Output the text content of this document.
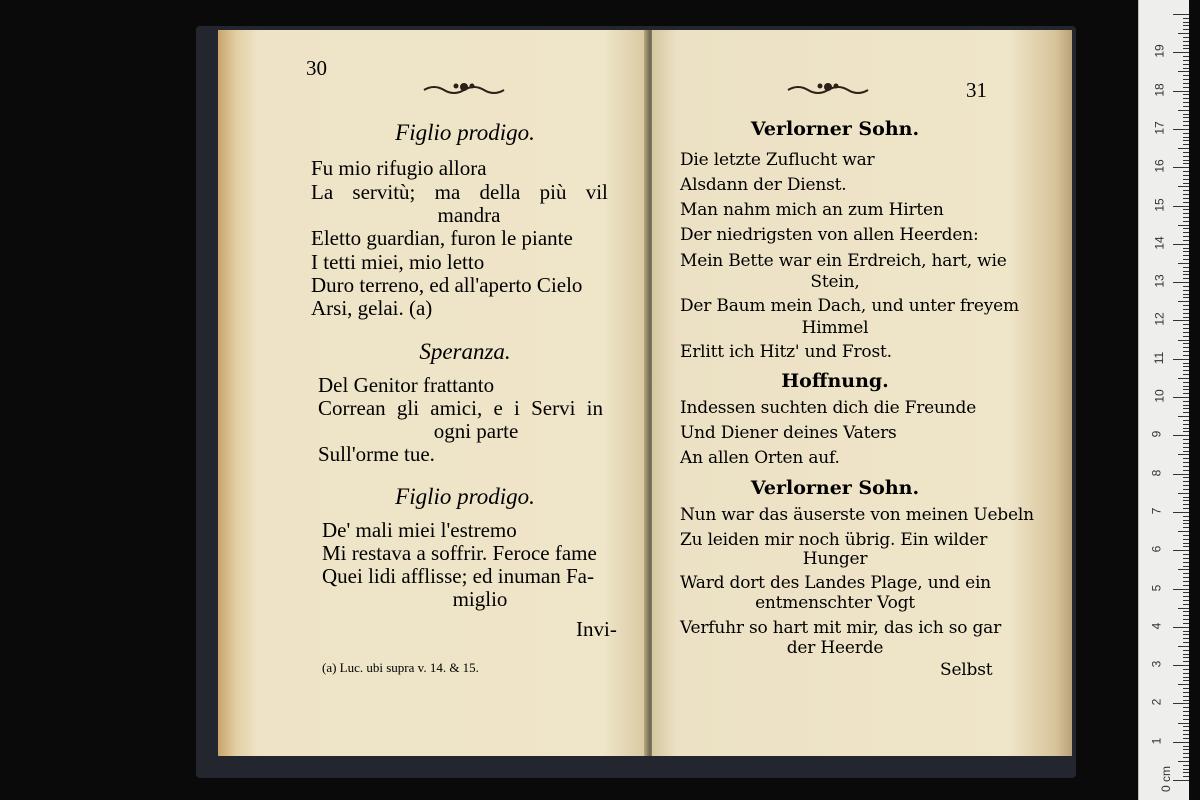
30
Figlio prodigo.
Fu mio rifugio allora
La servitù; ma della più vil
mandra
Eletto guardian, furon le piante
I tetti miei, mio letto
Duro terreno, ed all'aperto Cielo
Arsi, gelai. (a)
Speranza.
Del Genitor frattanto
Correan gli amici, e i Servi in
ogni parte
Sull'orme tue.
Figlio prodigo.
De' mali miei l'estremo
Mi restava a soffrir. Feroce fame
Quei lidi afflisse; ed inuman Fa-
miglio
Invi-
(a) Luc. ubi supra v. 14. & 15.
31
Verlorner Sohn.
Die letzte Zuflucht war
Alsdann der Dienst.
Man nahm mich an zum Hirten
Der niedrigsten von allen Heerden:
Mein Bette war ein Erdreich, hart, wie
Stein,
Der Baum mein Dach, und unter freyem
Himmel
Erlitt ich Hitz' und Frost.
Hoffnung.
Indessen suchten dich die Freunde
Und Diener deines Vaters
An allen Orten auf.
Verlorner Sohn.
Nun war das äuserste von meinen Uebeln
Zu leiden mir noch übrig. Ein wilder
Hunger
Ward dort des Landes Plage, und ein
entmenschter Vogt
Verfuhr so hart mit mir, das ich so gar
der Heerde
Selbst
0 cm
1
2
3
4
5
6
7
8
9
10
11
12
13
14
15
16
17
18
19
